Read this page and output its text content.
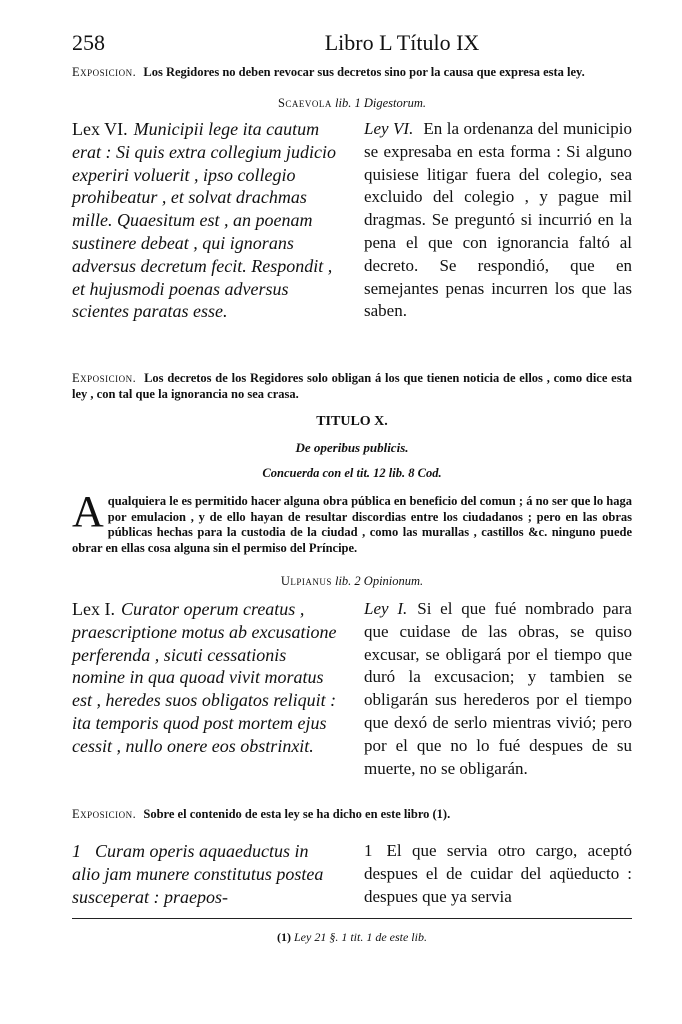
258	Libro L Título IX
Exposicion. Los Regidores no deben revocar sus decretos sino por la causa que expresa esta ley.
Scaevola lib. 1 Digestorum.
Lex VI. Municipii lege ita cautum erat : Si quis extra collegium judicio experiri voluerit , ipso collegio prohibeatur , et solvat drachmas mille. Quaesitum est , an poenam sustinere debeat , qui ignorans adversus decretum fecit. Respondit , et hujusmodi poenas adversus scientes paratas esse.
Ley VI. En la ordenanza del municipio se expresaba en esta forma : Si alguno quisiese litigar fuera del colegio, sea excluido del colegio , y pague mil dragmas. Se preguntó si incurrió en la pena el que con ignorancia faltó al decreto. Se respondió, que en semejantes penas incurren los que las saben.
Exposicion. Los decretos de los Regidores solo obligan á los que tienen noticia de ellos , como dice esta ley , con tal que la ignorancia no sea crasa.
TITULO X.
De operibus publicis.
Concuerda con el tit. 12 lib. 8 Cod.
A qualquiera le es permitido hacer alguna obra pública en beneficio del comun ; á no ser que lo haga por emulacion , y de ello hayan de resultar discordias entre los ciudadanos ; pero en las obras públicas hechas para la custodia de la ciudad , como las murallas , castillos &c. ninguno puede obrar en ellas cosa alguna sin el permiso del Príncipe.
Ulpianus lib. 2 Opinionum.
Lex I. Curator operum creatus , praescriptione motus ab excusatione perferenda , sicuti cessationis nomine in qua quoad vivit moratus est , heredes suos obligatos reliquit : ita temporis quod post mortem ejus cessit , nullo onere eos obstrinxit.
Ley I. Si el que fué nombrado para que cuidase de las obras, se quiso excusar, se obligará por el tiempo que duró la excusacion; y tambien se obligarán sus herederos por el tiempo que dexó de serlo mientras vivió; pero por el que no lo fué despues de su muerte, no se obligarán.
Exposicion. Sobre el contenido de esta ley se ha dicho en este libro (1).
1 Curam operis aquaeductus in alio jam munere constitutus postea susceperat : praepos-
1 El que servia otro cargo, aceptó despues el de cuidar del aqüeducto : despues que ya servia
(1) Ley 21 §. 1 tit. 1 de este lib.
